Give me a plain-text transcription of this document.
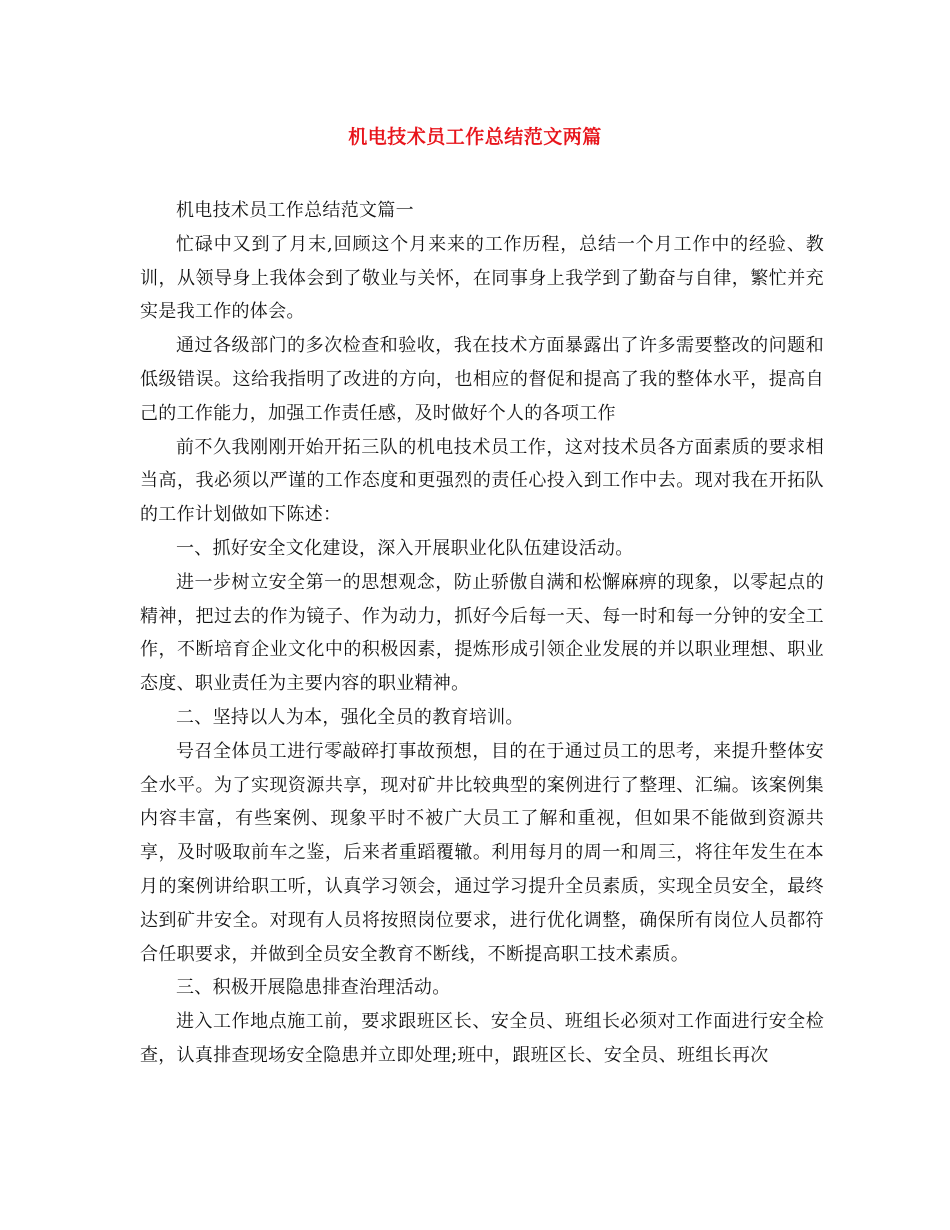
机电技术员工作总结范文两篇

机电技术员工作总结范文篇一

忙碌中又到了月末,回顾这个月来来的工作历程，总结一个月工作中的经验、教训，从领导身上我体会到了敬业与关怀，在同事身上我学到了勤奋与自律，繁忙并充实是我工作的体会。

通过各级部门的多次检查和验收，我在技术方面暴露出了许多需要整改的问题和低级错误。这给我指明了改进的方向，也相应的督促和提高了我的整体水平，提高自己的工作能力，加强工作责任感，及时做好个人的各项工作

前不久我刚刚开始开拓三队的机电技术员工作，这对技术员各方面素质的要求相当高，我必须以严谨的工作态度和更强烈的责任心投入到工作中去。现对我在开拓队的工作计划做如下陈述：

一、抓好安全文化建设，深入开展职业化队伍建设活动。

进一步树立安全第一的思想观念，防止骄傲自满和松懈麻痹的现象，以零起点的精神，把过去的作为镜子、作为动力，抓好今后每一天、每一时和每一分钟的安全工作，不断培育企业文化中的积极因素，提炼形成引领企业发展的并以职业理想、职业态度、职业责任为主要内容的职业精神。

二、坚持以人为本，强化全员的教育培训。

号召全体员工进行零敲碎打事故预想，目的在于通过员工的思考，来提升整体安全水平。为了实现资源共享，现对矿井比较典型的案例进行了整理、汇编。该案例集内容丰富，有些案例、现象平时不被广大员工了解和重视，但如果不能做到资源共享，及时吸取前车之鉴，后来者重蹈覆辙。利用每月的周一和周三，将往年发生在本月的案例讲给职工听，认真学习领会，通过学习提升全员素质，实现全员安全，最终达到矿井安全。对现有人员将按照岗位要求，进行优化调整，确保所有岗位人员都符合任职要求，并做到全员安全教育不断线，不断提高职工技术素质。

三、积极开展隐患排查治理活动。

进入工作地点施工前，要求跟班区长、安全员、班组长必须对工作面进行安全检查，认真排查现场安全隐患并立即处理;班中，跟班区长、安全员、班组长再次
